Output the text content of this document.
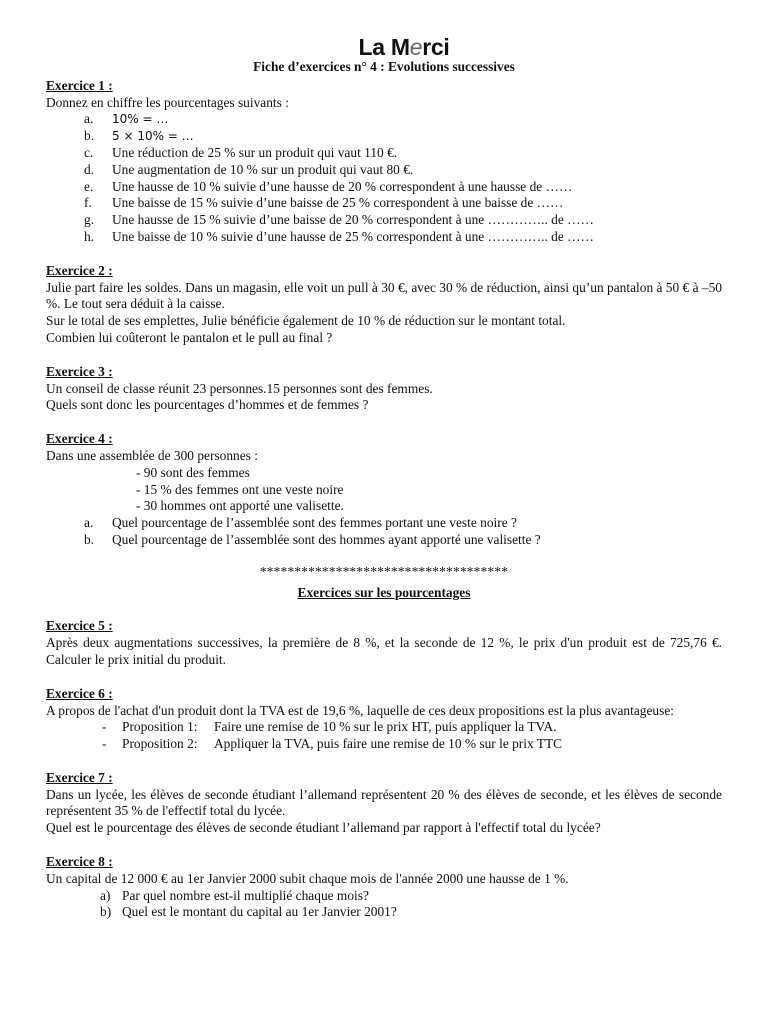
La Merci
Fiche d’exercices n° 4 : Evolutions successives
Exercice 1 :
Donnez en chiffre les pourcentages suivants :
a. 10% = …
b. 5 × 10% = …
c. Une réduction de 25 % sur un produit qui vaut 110 €.
d. Une augmentation de 10 % sur un produit qui vaut 80 €.
e. Une hausse de 10 % suivie d’une hausse de 20 % correspondent à une hausse de ……
f. Une baisse de 15 % suivie d’une baisse de 25 % correspondent à une baisse de ……
g. Une hausse de 15 % suivie d’une baisse de 20 % correspondent à une ………….. de ……
h. Une baisse de 10 % suivie d’une hausse de 25 % correspondent à une ………….. de ……
Exercice 2 :
Julie part faire les soldes. Dans un magasin, elle voit un pull à 30 €, avec 30 % de réduction, ainsi qu’un pantalon à 50 € à –50 %. Le tout sera déduit à la caisse.
Sur le total de ses emplettes, Julie bénéficie également de 10 % de réduction sur le montant total.
Combien lui coûteront le pantalon et le pull au final ?
Exercice 3 :
Un conseil de classe réunit 23 personnes.15 personnes sont des femmes.
Quels sont donc les pourcentages d’hommes et de femmes ?
Exercice 4 :
Dans une assemblée de 300 personnes :
- 90 sont des femmes
- 15 % des femmes ont une veste noire
- 30 hommes ont apporté une valisette.
a. Quel pourcentage de l’assemblée sont des femmes portant une veste noire ?
b. Quel pourcentage de l’assemblée sont des hommes ayant apporté une valisette ?
************************************
Exercices sur les pourcentages
Exercice 5 :
Après deux augmentations successives, la première de 8 %, et la seconde de 12 %, le prix d'un produit est de 725,76 €. Calculer le prix initial du produit.
Exercice 6 :
A propos de l'achat d'un produit dont la TVA est de 19,6 %, laquelle de ces deux propositions est la plus avantageuse:
- Proposition 1: Faire une remise de 10 % sur le prix HT, puis appliquer la TVA.
- Proposition 2: Appliquer la TVA, puis faire une remise de 10 % sur le prix TTC
Exercice 7 :
Dans un lycée, les élèves de seconde étudiant l’allemand représentent 20 % des élèves de seconde, et les élèves de seconde représentent 35 % de l'effectif total du lycée.
Quel est le pourcentage des élèves de seconde étudiant l’allemand par rapport à l'effectif total du lycée?
Exercice 8 :
Un capital de 12 000 € au 1er Janvier 2000 subit chaque mois de l'année 2000 une hausse de 1 %.
a) Par quel nombre est-il multiplié chaque mois?
b) Quel est le montant du capital au 1er Janvier 2001?
